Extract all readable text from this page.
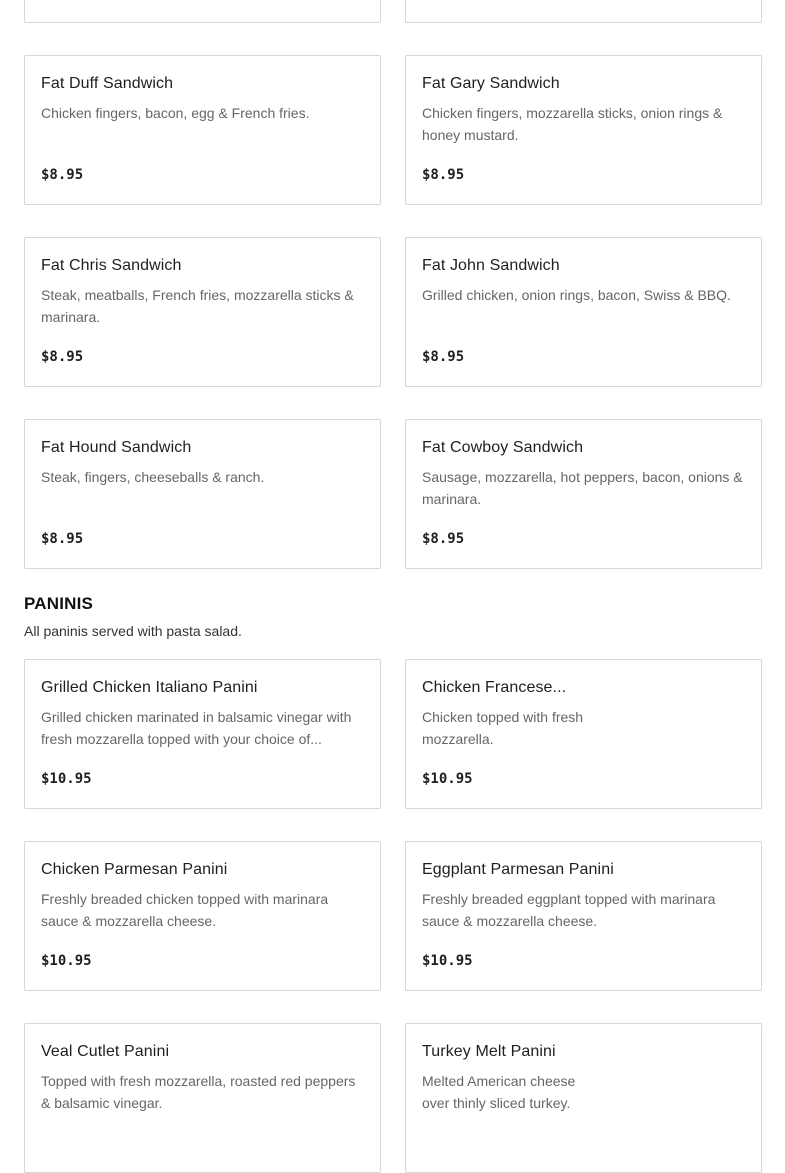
Fat Duff Sandwich
Chicken fingers, bacon, egg & French fries.
$8.95
Fat Gary Sandwich
Chicken fingers, mozzarella sticks, onion rings & honey mustard.
$8.95
Fat Chris Sandwich
Steak, meatballs, French fries, mozzarella sticks & marinara.
$8.95
Fat John Sandwich
Grilled chicken, onion rings, bacon, Swiss & BBQ.
$8.95
Fat Hound Sandwich
Steak, fingers, cheeseballs & ranch.
$8.95
Fat Cowboy Sandwich
Sausage, mozzarella, hot peppers, bacon, onions & marinara.
$8.95
PANINIS
All paninis served with pasta salad.
Grilled Chicken Italiano Panini
Grilled chicken marinated in balsamic vinegar with fresh mozzarella topped with your choice of...
$10.95
Chicken Francese...
Chicken topped with fresh mozzarella.
$10.95
Chicken Parmesan Panini
Freshly breaded chicken topped with marinara sauce & mozzarella cheese.
$10.95
Eggplant Parmesan Panini
Freshly breaded eggplant topped with marinara sauce & mozzarella cheese.
$10.95
Veal Cutlet Panini
Topped with fresh mozzarella, roasted red peppers & balsamic vinegar.
Turkey Melt Panini
Melted American cheese over thinly sliced turkey.
